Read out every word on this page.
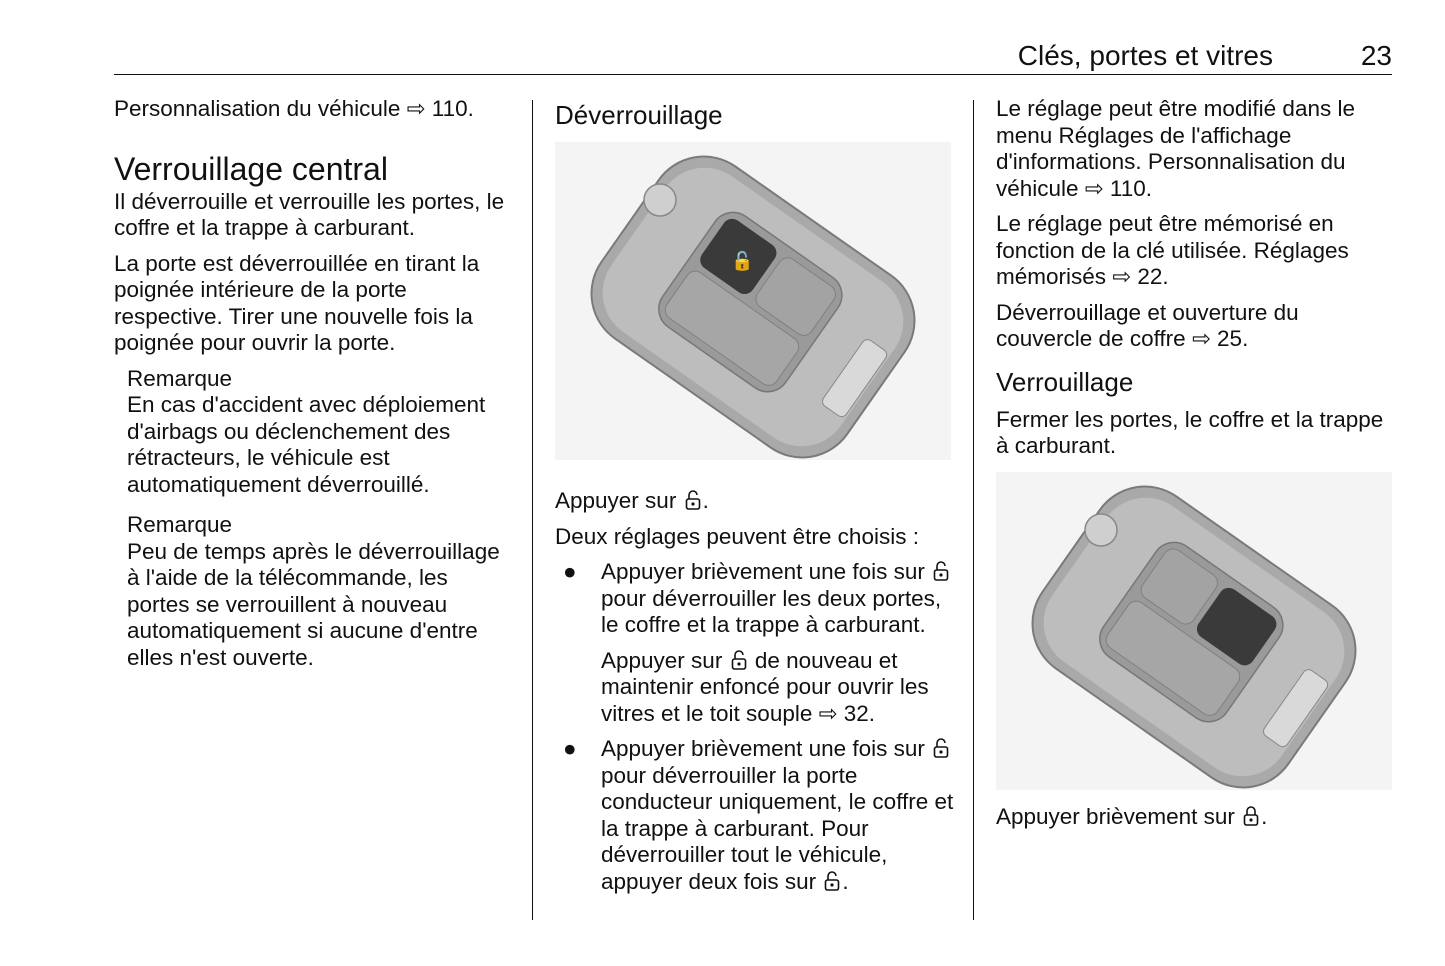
Clés, portes et vitres	23

Personnalisation du véhicule ⇨ 110.

Verrouillage central

Il déverrouille et verrouille les portes, le coffre et la trappe à carburant.

La porte est déverrouillée en tirant la poignée intérieure de la porte respective. Tirer une nouvelle fois la poignée pour ouvrir la porte.

Remarque
En cas d'accident avec déploiement d'airbags ou déclenchement des rétracteurs, le véhicule est automatiquement déverrouillé.
Remarque
Peu de temps après le déverrouillage à l'aide de la télécommande, les portes se verrouillent à nouveau automatiquement si aucune d'entre elles n'est ouverte.
Déverrouillage
🔓

Appuyer sur .

Deux réglages peuvent être choisis :

● Appuyer brièvement une fois sur  pour déverrouiller les deux portes, le coffre et la trappe à carburant.

Appuyer sur de nouveau et maintenir enfoncé pour ouvrir les vitres et le toit souple ⇨ 32.

● Appuyer brièvement une fois sur  pour déverrouiller la porte conducteur uniquement, le coffre et la trappe à carburant. Pour déverrouiller tout le véhicule, appuyer deux fois sur .

Le réglage peut être modifié dans le menu Réglages de l'affichage d'informations. Personnalisation du véhicule ⇨ 110.

Le réglage peut être mémorisé en fonction de la clé utilisée. Réglages mémorisés ⇨ 22.

Déverrouillage et ouverture du couvercle de coffre ⇨ 25.

Verrouillage

Fermer les portes, le coffre et la trappe à carburant.

Appuyer brièvement sur .
